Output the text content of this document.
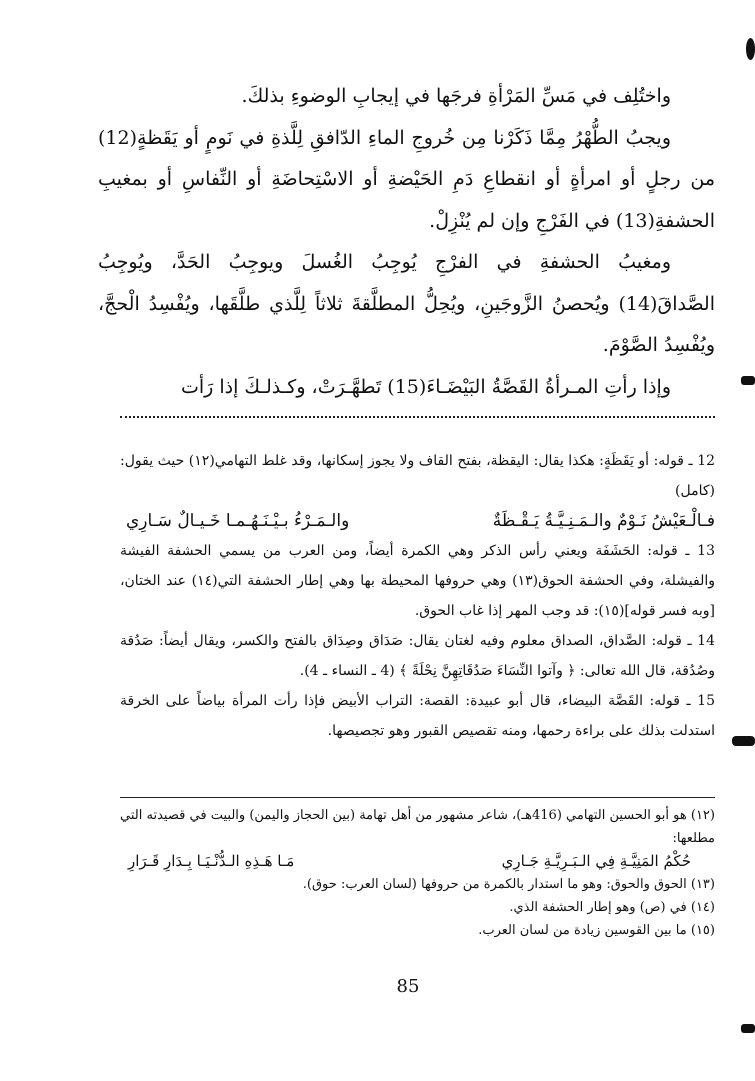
واختُلِف في مَسِّ المَرْأةِ فرجَها في إيجابِ الوضوءِ بذلكَ.

ويجبُ الطُّهْرُ مِمَّا ذَكَرْنا مِن خُروجِ الماءِ الدّافقِ لِلَّذةِ في نَومٍ أو يَقَظةٍ(12) من رجلٍ أو امرأةٍ أو انقطاعِ دَمِ الحَيْضةِ أو الاسْتِحاضَةِ أو النِّفاسِ أو بمغيبِ الحشفةِ(13) في الفَرْجِ وإن لم يُنْزِلْ.

ومغيبُ الحشفةِ في الفرْجِ يُوجِبُ الغُسلَ ويوجِبُ الحَدَّ، ويُوجِبُ الصَّداقَ(14) ويُحصنُ الزَّوجَينِ، ويُحِلُّ المطلَّقةَ ثلاثاً لِلَّذي طلَّقَها، ويُفْسِدُ الْحجَّ، ويُفْسِدُ الصَّوْمَ.

وإذا رأتِ المـرأةُ القَصَّةُ البَيْضَـاءَ(15) تَطهَّـرَتْ، وكـذلـكَ إذا رَأت

12 ـ قوله: أو يَقَظَةٍ: هكذا يقال: اليقظة، بفتح القاف ولا يجوز إسكانها، وقد غلط التهامي(١٢) حيث يقول: (كامل)

فـالْـعَيْشُ نَـوْمٌ والـمَـنِـيَّـةُ يَـقْـظَةٌ
والـمَـرْءُ بـيْـنَـهُـمـا خَـيـالٌ سَـارِي

13 ـ قوله: الحَشَفَة ويعني رأس الذكر وهي الكمرة أيضاً، ومن العرب من يسمي الحشفة الفيشة والفيشلة، وفي الحشفة الحوق(١٣) وهي حروفها المحيطة بها وهي إطار الحشفة التي(١٤) عند الختان، [وبه فسر قوله](١٥): قد وجب المهر إذا غاب الحوق.

14 ـ قوله: الصَّداق، الصداق معلوم وفيه لغتان يقال: صَدَاق وصِدَاق بالفتح والكسر، ويقال أيضاً: صَدُقة وصُدُقة، قال الله تعالى: ﴿ وآتوا النِّسَاءَ صَدُقَاتِهِنَّ نِحْلَةً ﴾ (4 ـ النساء ـ 4).

15 ـ قوله: القَصَّة البيضاء، قال أبو عبيدة: القصة: التراب الأبيض فإذا رأت المرأة بياضاً على الخرقة استدلت بذلك على براءة رحمها، ومنه تقصيص القبور وهو تجصيصها.

(١٢) هو أبو الحسين التهامي (416هـ)، شاعر مشهور من أهل تهامة (بين الحجاز واليمن) والبيت في قصيدته التي مطلعها:

حُكْمُ المَنِيَّـةِ فِي الـبَـرِيَّـةِ جَـارِي
مَـا هَـذِهِ الـدُّنْـيَـا بِـدَارِ قَـرَارِ

(١٣) الحوق والحوق: وهو ما استدار بالكمرة من حروفها (لسان العرب: حوق).

(١٤) في (ص) وهو إطار الحشفة الذي.

(١٥) ما بين القوسين زيادة من لسان العرب.

85
